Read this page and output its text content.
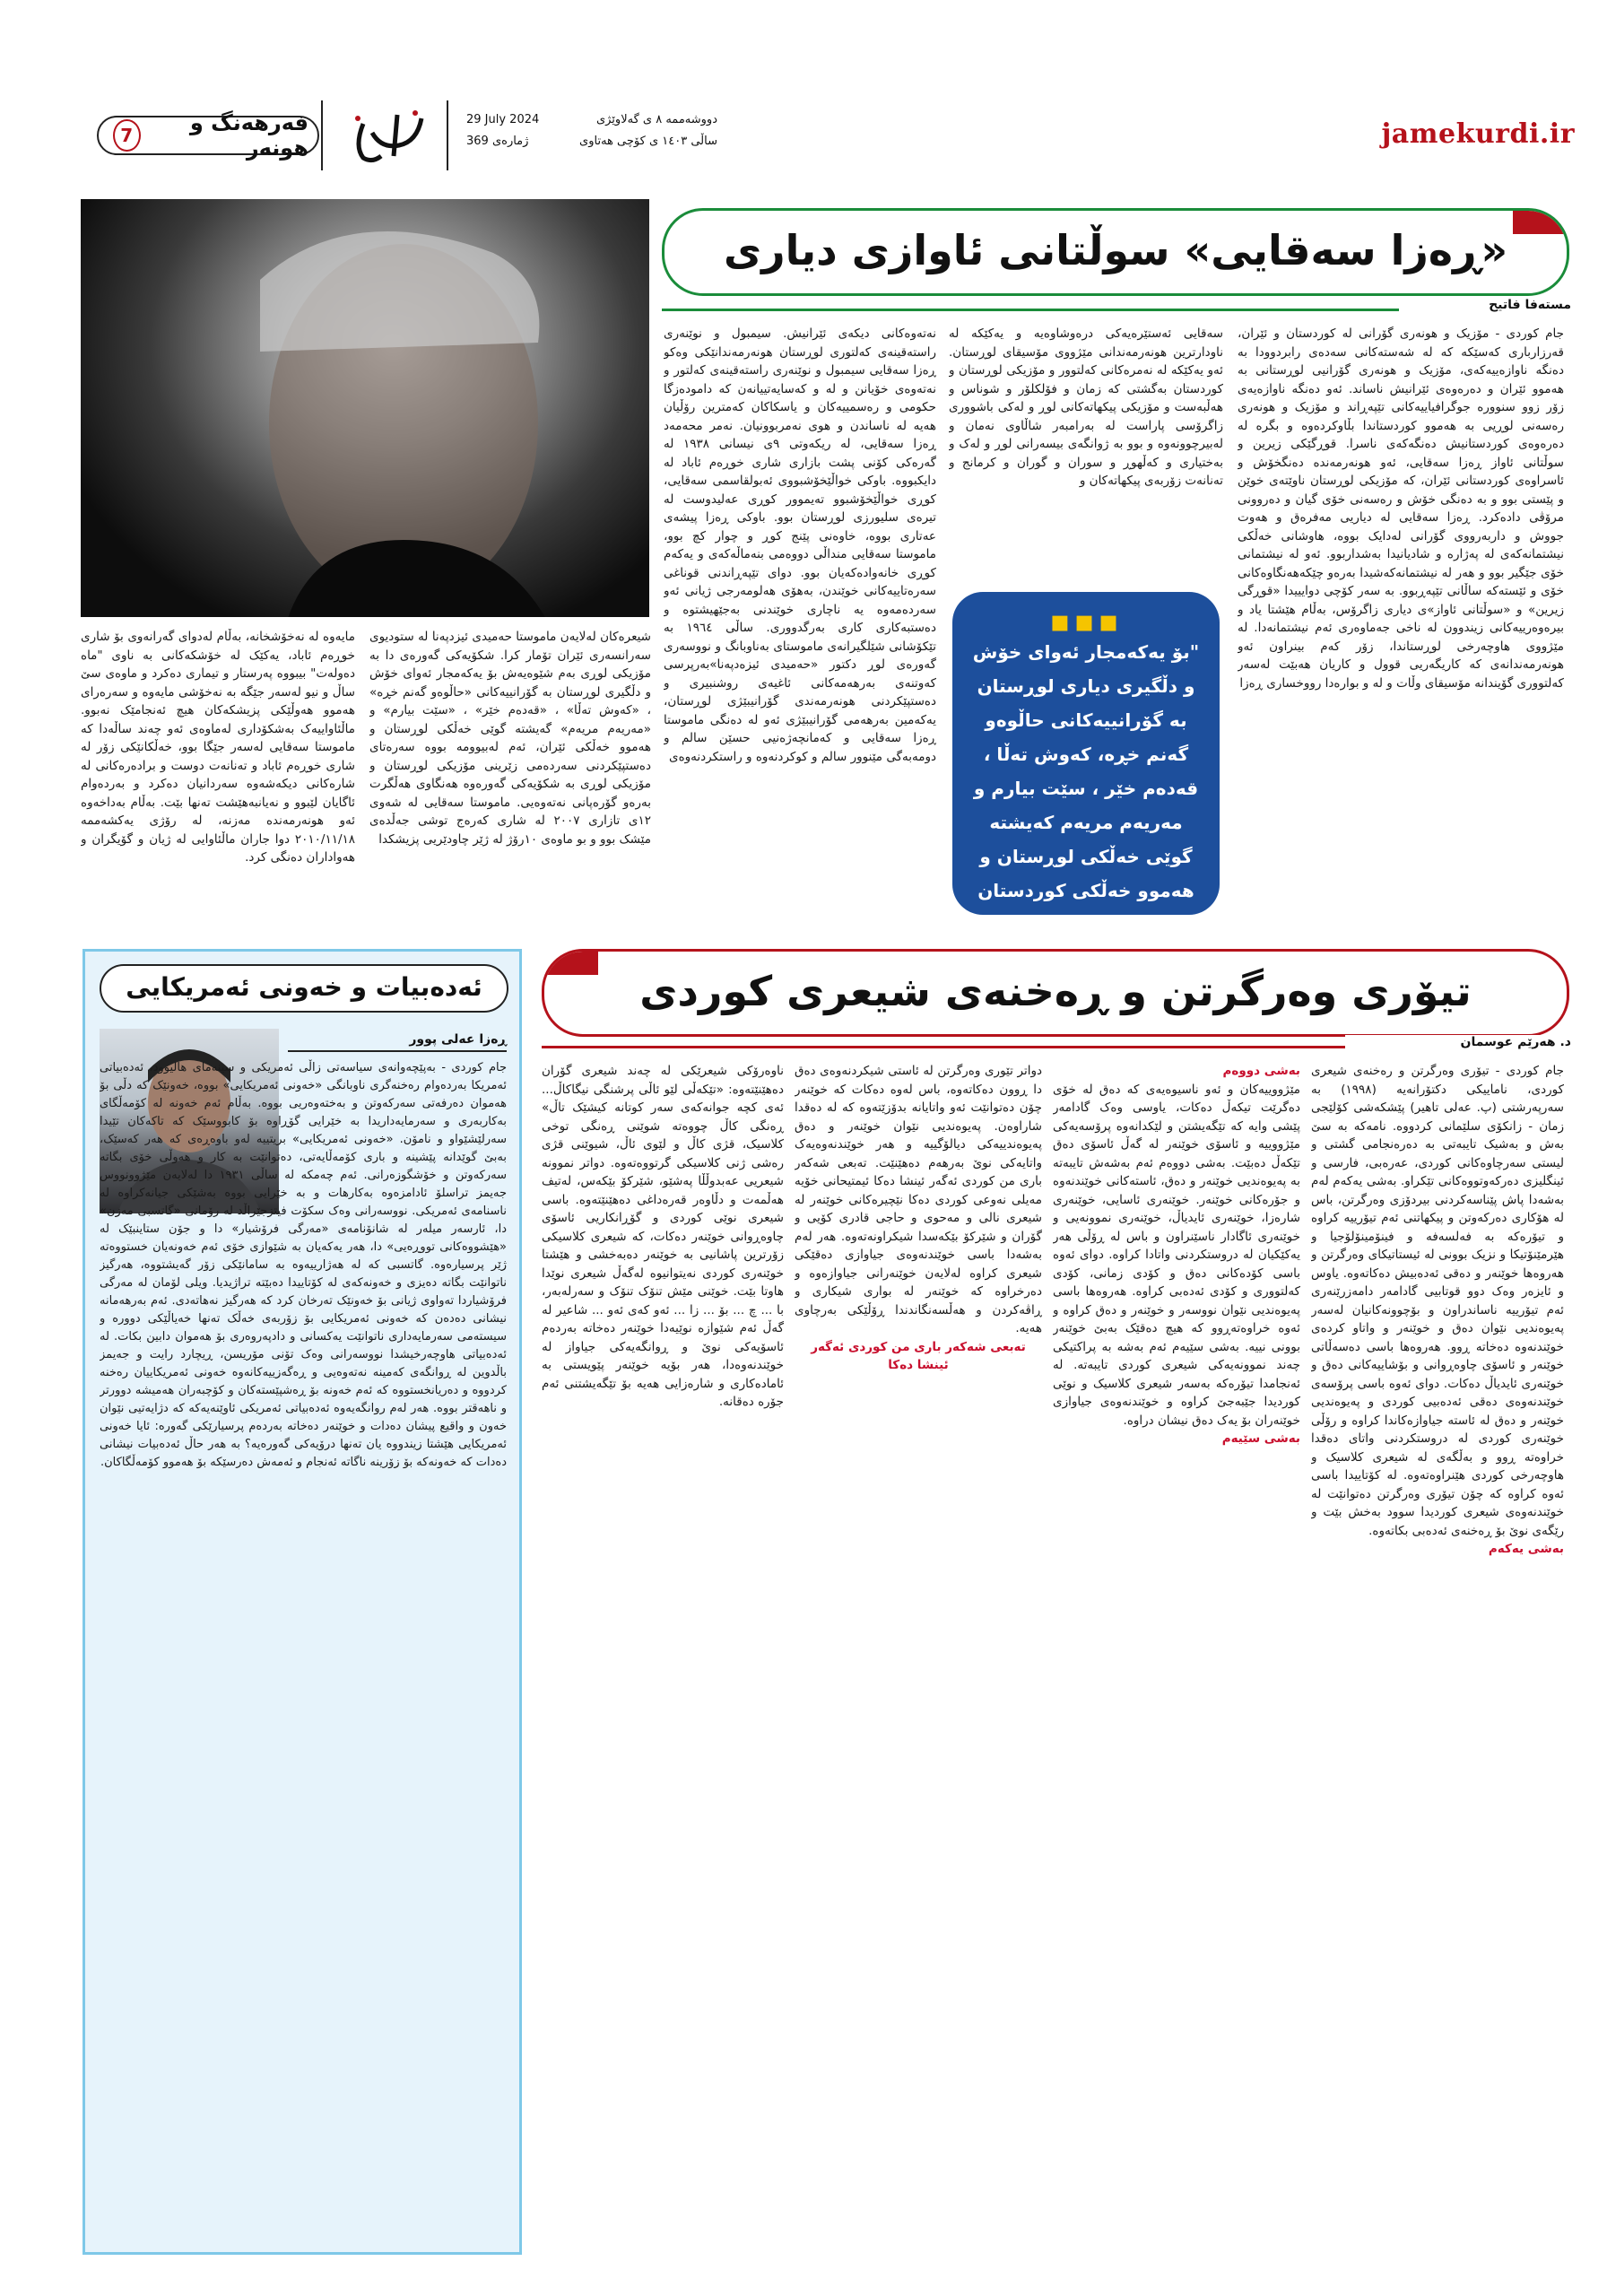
jamekurdi.ir
دووشەممە ٨ ی گەلاوێژی
29 July 2024
ساڵی ١٤٠٣ ی کۆچی هەتاوی
ژمارەی 369
فەرهەنگ و هونەر
7
«ڕەزا سەقایی» سوڵتانی ئاوازی دیاری
مستەفا فاتیح
جام کوردی - مۆزیک و هونەری گۆرانی لە کوردستان و ئێران، قەرزاربارى کەسێکە کە لە شەستەکانی سەدەی رابردوودا بە دەنگە ناوازەییەکەی، مۆزیک و هونەری گۆرانیی لوڕستانی بە هەموو ئێران و دەرەوەی ئێرانیش ناساند. ئەو دەنگە ناوازەیەی زۆر زوو سنوورە جوگرافیاییەکانی تێپەڕاند و مۆزیک و هونەری رەسەنی لوڕیی بە هەموو کوردستاندا بڵاوکردەوە و بگرە لە دەرەوەی کوردستانیش دەنگەکەی ناسرا. قوڕگێکی زیرین و سوڵتانی ئاواز ڕەزا سەقایی، ئەو هونەرمەندە دەنگخۆش و ئاسراوەی کوردستانی ئێران، کە مۆزیکی لوڕستان ناوێتەی خوێن و پێستی بوو و بە دەنگی خۆش و رەسەنی خۆی گیان و دەروونی مرۆڤی دادەکرد. ڕەزا سەقایی لە دیاریی مەفرەق و هەوت جووش و داربەرووی گۆرانی لەدایک بووە، هاوشانی خەڵکی نیشتمانەکەی لە پەژارە و شادیانیدا بەشداربوو. ئەو لە نیشتمانی خۆی جێگیر بوو و هەر لە نیشتمانەکەشیدا بەرەو چێکەهەنگاوەکانی خۆی و ئێستەکە ساڵانی تێپەڕبوو. بە سەر کۆچی دوایییدا «قوڕگی زیرین» و «سوڵتانی ئاواز»ی دیاری زاگرۆس، بەڵام هێشتا یاد و بیرەوەرییەکانی زیندوون لە ناخی جەماوەری ئەم نیشتمانەدا. لە مێژووی هاوچەرخی لوڕستاندا، زۆر کەم بینراون ئەو هونەرمەندانەی کە کاریگەریی قوول و کاریان هەبێت لەسەر کەلتووری گۆیندانە مۆسیقای وڵات و لە و بوارەدا رووخساری ڕەزا
سەقایی ئەستێرەیەکی درەوشاوەیە و یەکێکە لە ناودارترین هونەرمەندانی مێژووی مۆسیقای لوڕستان. ئەو یەکێکە لە نەمرەکانی کەلتوور و مۆزیکی لوڕستان و کوردستان بەگشتی کە زمان و فۆلکلۆر و شوناس و هەڵبەست و مۆزیکی پیکهاتەکانی لوڕ و لەکی باشووری زاگرۆسی پاراست لە بەرامبەر شاڵاوی نەمان و لەبیرچوونەوە و بوو بە ژوانگەی بیسەرانی لوڕ و لەک و بەختیاری و کەڵهوڕ و سوران و گوران و کرمانج و تەنانەت زۆربەی پیکهاتەکان و
نەتەوەکانی دیکەی ئێرانیش. سیمبول و نوێنەری راستەقینەی کەلتوری لوڕستان هونەرمەندانێکی وەکو ڕەزا سەقایی سیمبول و نوێنەری راستەقینەی کەلتور و نەتەوەی خۆیانن و لە و کەسایەتییانەن کە دامودەزگا حکومی و رەسمییەکان و یاسکاکان کەمترین رۆڵیان هەیە لە ناساندن و هوی نەمربوونیان. نەمر محەمەد ڕەزا سەقایی، لە ریکەوتی ٩ی نیسانی ١٩٣٨ لە گەرەکی کۆنی پشت بازاری شاری خوڕەم ئاباد لە دایکبووە. باوکی خواڵێخۆشبووی ئەبولقاسمی سەقایی، کوڕی خواڵێخۆشبوو تەیموور کوڕی عەلیدوست لە تیرەی سلیورزی لوڕستان بوو. باوکی ڕەزا پیشەی عەتاری بووە، خاوەنی پێنج کوڕ و چوار کچ بوو، ماموستا سەقایی منداڵی دووەمی بنەماڵەکەی و یەکەم کوڕی خانەوادەکەیان بوو. دوای تێپەڕاندنی قوناغی سەرەتاییەکانی خوێندن، بەهۆی هەلومەرجی ژیانی ئەو سەردەمەوە یە ناچاری خوێندنی بەجێهیشتوە و دەستبەکاری کاری بەرگدووری. ساڵی ١٩٦٤ بە تێکۆشانی شێلگیرانەی ماموستای بەناوبانگ و نووسەری گەورەی لوڕ دکتور «حەمیدی ئیزەدپەنا»بەرپرسی کەوتنەی بەرهەمەکانی ئاغیەی روشنبیری و دەستپێکردنی هونەرمەندی گۆرانیبێژی لوڕستان، یەکەمین بەرهەمی گۆرانیبێژی ئەو لە دەنگی ماموستا ڕەزا سەقایی و کەمانچەژەنیی حسێن سالم و دومەبەگی مێنوور سالم و کوکردنەوە و راستکردنەوەی
▪▪▪
"بۆ یەکەمجار ئەوای خۆش و دڵگیری دیاری لوڕستان بە گۆرانییەکانی حاڵوەو گەنم خڕە، کەوش تەڵا ، قەدەم خێر ، سێت بیارم و مەریەم مریەم کەیشتە گوێی خەڵکی لوڕستان و هەموو خەڵکی کوردستان و ئێران"
شیعرەکان لەلایەن ماموستا حەمیدی ئیزدپەنا لە ستودیوی سەرانسەری ئێران تۆمار کرا. شکۆیەکی گەورەی دا بە مۆزیکی لوڕی بەم شێوەیەش بۆ یەکەمجار ئەوای خۆش و دڵگیری لوڕستان بە گۆرانییەکانی «حاڵوەو گەنم خڕە» ، «کەوش تەڵا» ، «قەدەم خێر» ، «سێت بیارم» و «مەریەم مریەم» گەیشتە گوێی خەڵکی لوڕستان و هەموو خەڵکی ئێران، ئەم لەبیوومە بووە سەرەتای دەستپێکردنی سەردەمی زێرینی مۆزیکی لوڕستان و مۆزیکی لوڕی بە شکۆیەکی گەورەوە هەنگاوی هەڵگرت بەرەو گۆرەپانی نەتەوەیی. ماموستا سەقایی لە شەوی ١٢ی تازاری ٢٠٠٧ لە شاری کەرەج توشی جەڵدەی مێشک بوو و بو ماوەی ١٠رۆژ لە ژێر چاودێریی پزیشکدا
مایەوە لە نەخۆشخانە، بەڵام لەدوای گەرانەوی بۆ شاری خوڕەم ئاباد، یەکێک لە خۆشکەکانی بە ناوی "ماە دەولەت" بیبووە پەرستار و تیماری دەکرد و ماوەی سێ ساڵ و نیو لەسەر جێگە بە نەخۆشی مایەوە و سەرەرای هەموو هەوڵێکی پزیشکەکان هیچ ئەنجامێک نەبوو. ماڵئاواییەک بەشکۆداری لەماوەی ئەو چەند ساڵەدا کە ماموستا سەقایی لەسەر جێگا بوو، خەڵکانێکی زۆر لە شاری خوڕەم ئاباد و تەنانەت دوست و برادەرەکانی لە شارەکانی دیکەشەوە سەردانیان دەکرد و بەردەوام ئاگایان لێبوو و نەیانبەهێشت تەنها بێت. بەڵام بەداخەوە ئەو هونەرمەندە مەزنە، لە رۆژی یەکشەممە ٢٠١٠/١١/١٨ دوا جاران ماڵئاوایی لە ژیان و گۆیگران و هەواداران دەنگی کرد.
تیۆری وەرگرتن و ڕەخنەی شیعری کوردی
د. هەرێم عوسمان
جام کوردی - تیۆری وەرگرتن و رەخنەی شیعری کوردی، ناماییکی دکتۆرانەیە (١٩٩٨) بە سەرپەرشتی (پ. عەلی تاهیر) پێشکەشی کۆلێجی زمان - زانکۆی سلێمانی کردووە. نامەکە بە سێ بەش و بەشیک تایبەتی بە دەرەنجامی گشتی و لیستی سەرچاوەکانی کوردی، عەرەبی، فارسی و ئینگلیزی دەرکەوتووەکانی تێکراو. بەشی یەکەم لەم بەشەدا پاش پێناسەکردنی بیردۆزی وەرگرتن، باس لە هۆکاری دەرکەوتن و پیکهاتنی ئەم تیۆرییە کراوە و تیۆرەکە بە فەلسەفە و فینۆمینۆلۆجیا و هێرمێنۆتیکا و نزیک بوونی لە ئیستاتیکای وەرگرتن و هەروەها خوێنەر و دەقی ئەدەبیش دەکاتەوە. یاوس و ئایزەر وەک دوو قوتابیی گادامەر دامەزرێنەری ئەم تیۆرییە ناساندراون و بۆچوونەکانیان لەسەر پەیوەندیی نێوان دەق و خوێنەر و واتاو کردەی خوێندنەوە دەخاتە ڕوو. هەروەها باسی دەسەڵاتی خوێنەر و ئاسۆی چاوەڕوانی و بۆشاییەکانی دەق و خوێنەری ئایدیاڵ دەکات. دوای ئەوە باسی پرۆسەی خوێندنەوەی دەقی ئەدەبیی کوردی و پەیوەندیی خوێنەر و دەق لە ئاستە جیاوازەکاندا کراوە و رۆڵی خوێنەری کوردی لە دروستکردنی واتای دەقدا خراوەتە ڕوو و بەڵگەی لە شیعری کلاسیک و هاوچەرخی کوردی هێنراوەتەوە. لە کۆتاییدا باسی ئەوە کراوە کە چۆن تیۆری وەرگرتن دەتوانێت لە خوێندنەوەی شیعری کوردیدا سوود بەخش بێت و رێگەی نوێ بۆ ڕەخنەی ئەدەبی بکاتەوە.
بەشی یەکەم
بەشی دووەم
مێژووییەکان و ئەو ناسیوەیەی کە دەق لە خۆی دەگرێت تیکەڵ دەکات، یاوسی وەک گادامەر پێشی وایە کە تێگەیشتن و لێکدانەوە پرۆسەیەکی مێژووییە و ئاسۆی خوێنەر لە گەڵ ئاسۆی دەق تێکەڵ دەبێت. بەشی دووەم ئەم بەشەش تایبەتە بە پەیوەندیی خوێنەر و دەق، ئاستەکانی خوێندنەوە و جۆرەکانی خوێنەر. خوێنەری ئاسایی، خوێنەری شارەزا، خوێنەری ئایدیاڵ، خوێنەری نموونەیی و خوێنەری ئاگادار ناسێنراون و باس لە ڕۆڵی هەر یەکێکیان لە دروستکردنی واتادا کراوە. دوای ئەوە باسی کۆدەکانی دەق و کۆدی زمانی، کۆدی کەلتووری و کۆدی ئەدەبی کراوە. هەروەها باسی پەیوەندیی نێوان نووسەر و خوێنەر و دەق کراوە و ئەوە خراوەتەڕوو کە هیچ دەقێک بەبێ خوێنەر بوونی نییە. بەشی سێیەم ئەم بەشە بە پراکتیکی چەند نموونەیەکی شیعری کوردی تایبەتە. لە ئەنجامدا تیۆرەکە بەسەر شیعری کلاسیک و نوێی کوردیدا جێبەجێ کراوە و خوێندنەوەی جیاوازی خوێنەران بۆ یەک دەق نیشان دراوە.
بەشی سێیەم
دواتر تێوری وەرگرتن لە ئاستی شیکردنەوەی دەق دا ڕوون دەکاتەوە، باس لەوە دەکات کە خوێنەر چۆن دەتوانێت ئەو واتایانە بدۆزێتەوە کە لە دەقدا شاراوەن. پەیوەندیی نێوان خوێنەر و دەق پەیوەندییەکی دیالۆگییە و هەر خوێندنەوەیەک واتایەکی نوێ بەرهەم دەهێنێت. تەبعی شەکەر باری من کوردی ئەگەر ئینشا دەکا ئیمتیحانی خۆیە مەیلی نەوعی کوردی دەکا نێچیرەکانی خوێنەر لە شیعری نالی و مەحوی و حاجی قادری کۆیی و گۆران و شێرکۆ بێکەسدا شیکراونەتەوە. هەر لەم بەشەدا باسی خوێندنەوەی جیاوازی دەقێکی شیعری کراوە لەلایەن خوێنەرانی جیاوازەوە و دەرخراوە کە خوێنەر لە بواری شیکاری و ڕاڤەکردن و هەڵسەنگاندندا ڕۆڵێکی بەرچاوی هەیە.
تەبعی شەکەر باری من کوردی ئەگەر ئینشا دەکا
ناوەرۆکی شیعرێکی لە چەند شیعری گۆران دەهێنێتەوە: «تێکەڵی لێو ئاڵی پرشنگی نیگاکاڵ... ئەی کچە جوانەکەی سەر کوتانە کیشێک تاڵ» ڕەنگی کاڵ چووەتە شوێنی ڕەنگی توخی کلاسیک، قژی کاڵ و لێوی ئاڵ، شیوێنی قژی رەشی ژنی کلاسیکی گرتووەتەوە. دواتر نموونە شیعریی عەبدوڵڵا پەشێو، شێرکۆ بێکەس، لەتیف هەڵمەت و دڵاوەر قەرەداغی دەهێنێتەوە. باسی شیعری نوێی کوردی و گۆڕانکاریی ئاسۆی چاوەڕوانی خوێنەر دەکات، کە شیعری کلاسیکی زۆرترین پاشانیی بە خوێنەر دەبەخشی و هێشتا خوێنەری کوردی نەیتوانیوە لەگەڵ شیعری نوێدا هاوتا بێت. خوێنی مێش تنۆک تنۆک و سەرلەبەر، با ... چ ... بۆ ... زا ... ئەو کەی ئەو ... شاعیر لە گەڵ ئەم شێوازە نوێیەدا خوێنەر دەخاتە بەردەم ئاسۆیەکی نوێ و ڕوانگەیەکی جیاواز لە خوێندنەوەدا، هەر بۆیە خوێنەر پێویستی بە ئامادەکاری و شارەزایی هەیە بۆ تێگەیشتنی ئەم جۆرە دەقانە.
ئەدەبیات و خەونی ئەمریکایی
ڕەزا عەلی پوور
جام کوردی - بەپێچەوانەی سیاسەتی زاڵی ئەمریکی و سینەمای هالیوود، ئەدەبیاتی ئەمریکا بەردەوام رەخنەگری ناوبانگی «خەونی ئەمریکایی» بووە، خەونێک کە دڵی بۆ هەموان دەرفەتی سەرکەوتن و بەختەوەریی بووە. بەڵام ئەم خەونە لە کۆمەڵگای بەکاربەری و سەرمایەداریدا بە خێرایی گۆڕاوە بۆ کابووسێک کە تاکەکان تێیدا سەرلێشێواو و نامۆن. «خەونی ئەمریکایی» بریتییە لەو باوەڕەی کە هەر کەسێک، بەبێ گوێدانە پێشینە و باری کۆمەڵایەتی، دەتوانێت بە کار و هەوڵی خۆی بگاتە سەرکەوتن و خۆشگوزەرانی. ئەم چەمکە لە ساڵی ١٩٣١ دا لەلایەن مێژوونووس جەیمز تراسلۆ ئادامزەوە بەکارهات و بە خێرایی بووە بەشێکی جیانەکراوە لە ناسنامەی ئەمریکی. نووسەرانی وەک سکۆت فیتزجێراڵد لە رۆمانی «گاتسبی مەزن» دا، ئارسەر میلەر لە شانۆنامەی «مەرگی فرۆشیار» دا و جۆن ستاینبێک لە «هێشووەکانی تووڕەیی» دا، هەر یەکەیان بە شێوازی خۆی ئەم خەونەیان خستووەتە ژێر پرسیارەوە. گاتسبی کە لە هەژارییەوە بە سامانێکی زۆر گەیشتووە، هەرگیز ناتوانێت بگاتە دەیزی و خەونەکەی لە کۆتاییدا دەبێتە تراژیدیا. ویلی لۆمان لە مەرگی فرۆشیاردا تەواوی ژیانی بۆ خەونێک تەرخان کرد کە هەرگیز نەهاتەدی. ئەم بەرهەمانە نیشانی دەدەن کە خەونی ئەمریکایی بۆ زۆربەی خەڵک تەنها خەیاڵێکی دوورە و سیستەمی سەرمایەداری ناتوانێت یەکسانی و دادپەروەری بۆ هەموان دابین بکات. لە ئەدەبیاتی هاوچەرخیشدا نووسەرانی وەک تۆنی مۆریسن، ڕیچارد رایت و جەیمز باڵدوین لە ڕوانگەی کەمینە نەتەوەیی و ڕەگەزییەکانەوە خەونی ئەمریکاییان رەخنە کردووە و دەریانخستووە کە ئەم خەونە بۆ ڕەشپێستەکان و کۆچبەران هەمیشە دوورتر و ناهەقتر بووە. هەر لەم روانگەیەوە ئەدەبیاتی ئەمریکی ئاوێنەیەکە کە دژایەتیی نێوان خەون و واقیع پیشان دەدات و خوێنەر دەخاتە بەردەم پرسیارێکی گەورە: ئایا خەونی ئەمریکایی هێشتا زیندووە یان تەنها درۆیەکی گەورەیە؟ بە هەر حاڵ ئەدەبیات نیشانی دەدات کە خەونەکە بۆ زۆرینە ناگاتە ئەنجام و ئەمەش دەرسێکە بۆ هەموو کۆمەڵگاکان.
